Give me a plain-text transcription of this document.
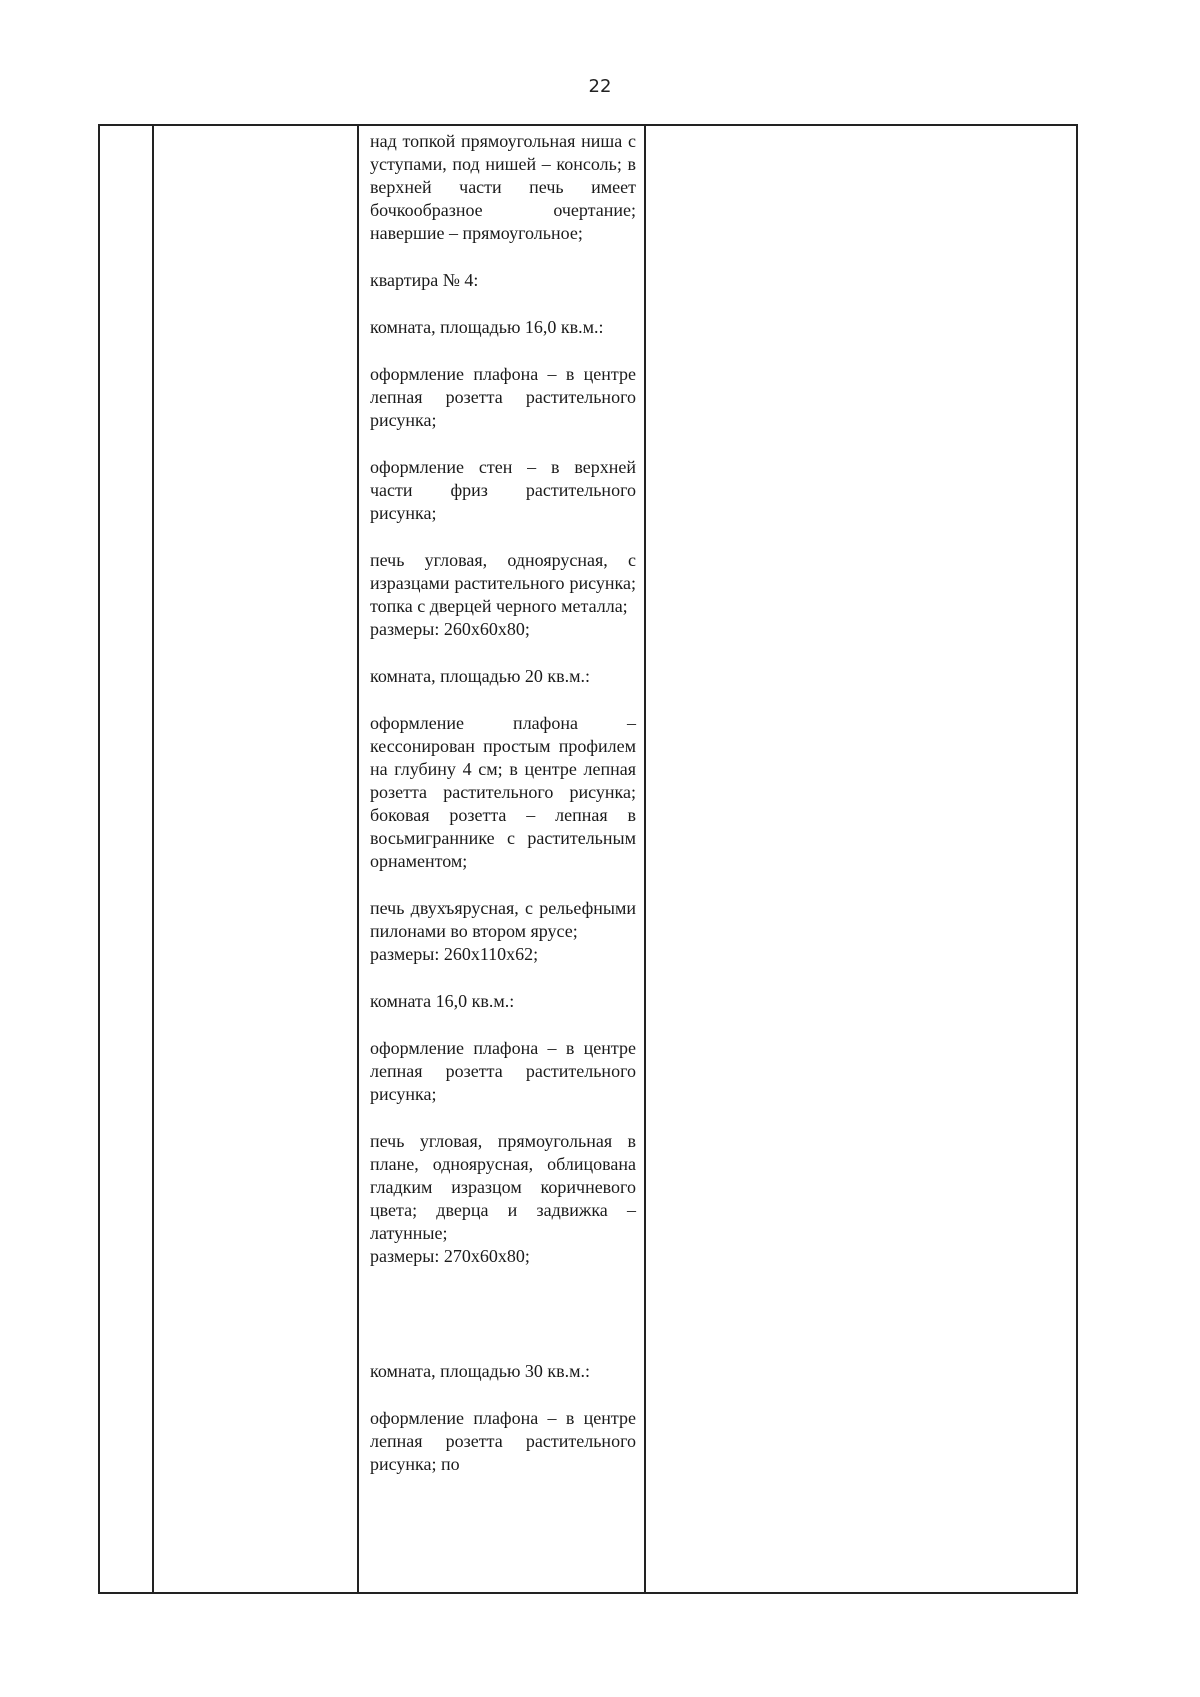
22

над топкой прямоугольная ниша с уступами, под нишей – консоль; в верхней части печь имеет бочкообразное очертание; навершие – прямоугольное;

квартира № 4:

комната, площадью 16,0 кв.м.:

оформление плафона – в центре лепная розетта растительного рисунка;

оформление стен – в верхней части фриз растительного рисунка;

печь угловая, одноярусная, с изразцами растительного рисунка; топка с дверцей черного металла;

размеры: 260х60х80;

комната, площадью 20 кв.м.:

оформление плафона – кессонирован простым профилем на глубину 4 см; в центре лепная розетта растительного рисунка; боковая розетта – лепная в восьмиграннике с растительным орнаментом;

печь двухъярусная, с рельефными пилонами во втором ярусе;

размеры: 260х110х62;

комната 16,0 кв.м.:

оформление плафона – в центре лепная розетта растительного рисунка;

печь угловая, прямоугольная в плане, одноярусная, облицована гладким изразцом коричневого цвета; дверца и задвижка – латунные;

размеры: 270х60х80;

комната, площадью 30 кв.м.:

оформление плафона – в центре лепная розетта растительного рисунка; по
